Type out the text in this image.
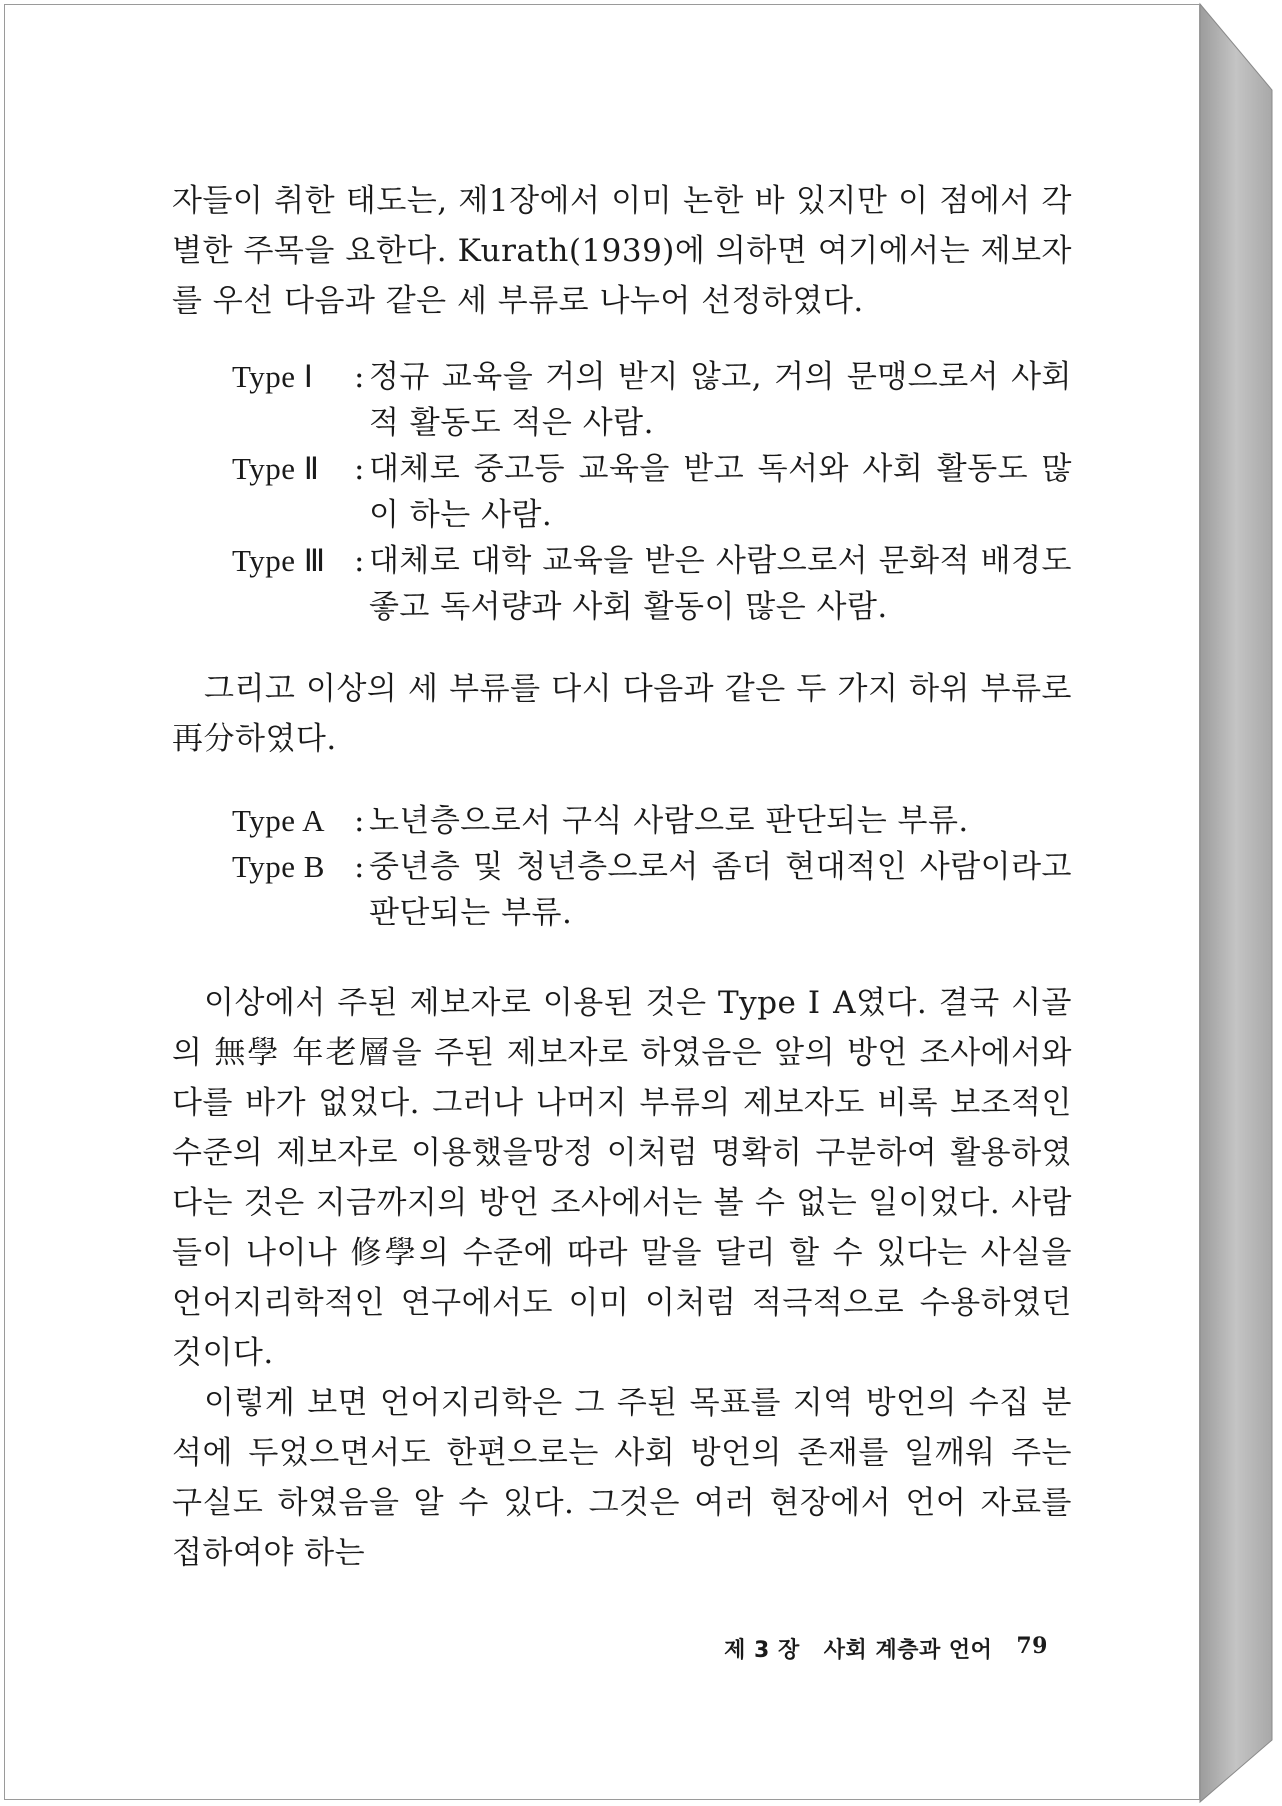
자들이 취한 태도는, 제1장에서 이미 논한 바 있지만 이 점에서 각별한 주목을 요한다. Kurath(1939)에 의하면 여기에서는 제보자를 우선 다음과 같은 세 부류로 나누어 선정하였다.

Type Ⅰ	: 정규 교육을 거의 받지 않고, 거의 문맹으로서 사회적 활동도 적은 사람.
Type Ⅱ	: 대체로 중고등 교육을 받고 독서와 사회 활동도 많이 하는 사람.
Type Ⅲ : 대체로 대학 교육을 받은 사람으로서 문화적 배경도 좋고 독서량과 사회 활동이 많은 사람.

그리고 이상의 세 부류를 다시 다음과 같은 두 가지 하위 부류로 再分하였다.

Type A : 노년층으로서 구식 사람으로 판단되는 부류.
Type B : 중년층 및 청년층으로서 좀더 현대적인 사람이라고 판단되는 부류.

이상에서 주된 제보자로 이용된 것은 Type Ⅰ A였다. 결국 시골의 無學 年老層을 주된 제보자로 하였음은 앞의 방언 조사에서와 다를 바가 없었다. 그러나 나머지 부류의 제보자도 비록 보조적인 수준의 제보자로 이용했을망정 이처럼 명확히 구분하여 활용하였다는 것은 지금까지의 방언 조사에서는 볼 수 없는 일이었다. 사람들이 나이나 修學의 수준에 따라 말을 달리 할 수 있다는 사실을 언어지리학적인 연구에서도 이미 이처럼 적극적으로 수용하였던 것이다.

이렇게 보면 언어지리학은 그 주된 목표를 지역 방언의 수집 분석에 두었으면서도 한편으로는 사회 방언의 존재를 일깨워 주는 구실도 하였음을 알 수 있다. 그것은 여러 현장에서 언어 자료를 접하여야 하는

제 3 장 사회 계층과 언어 79
